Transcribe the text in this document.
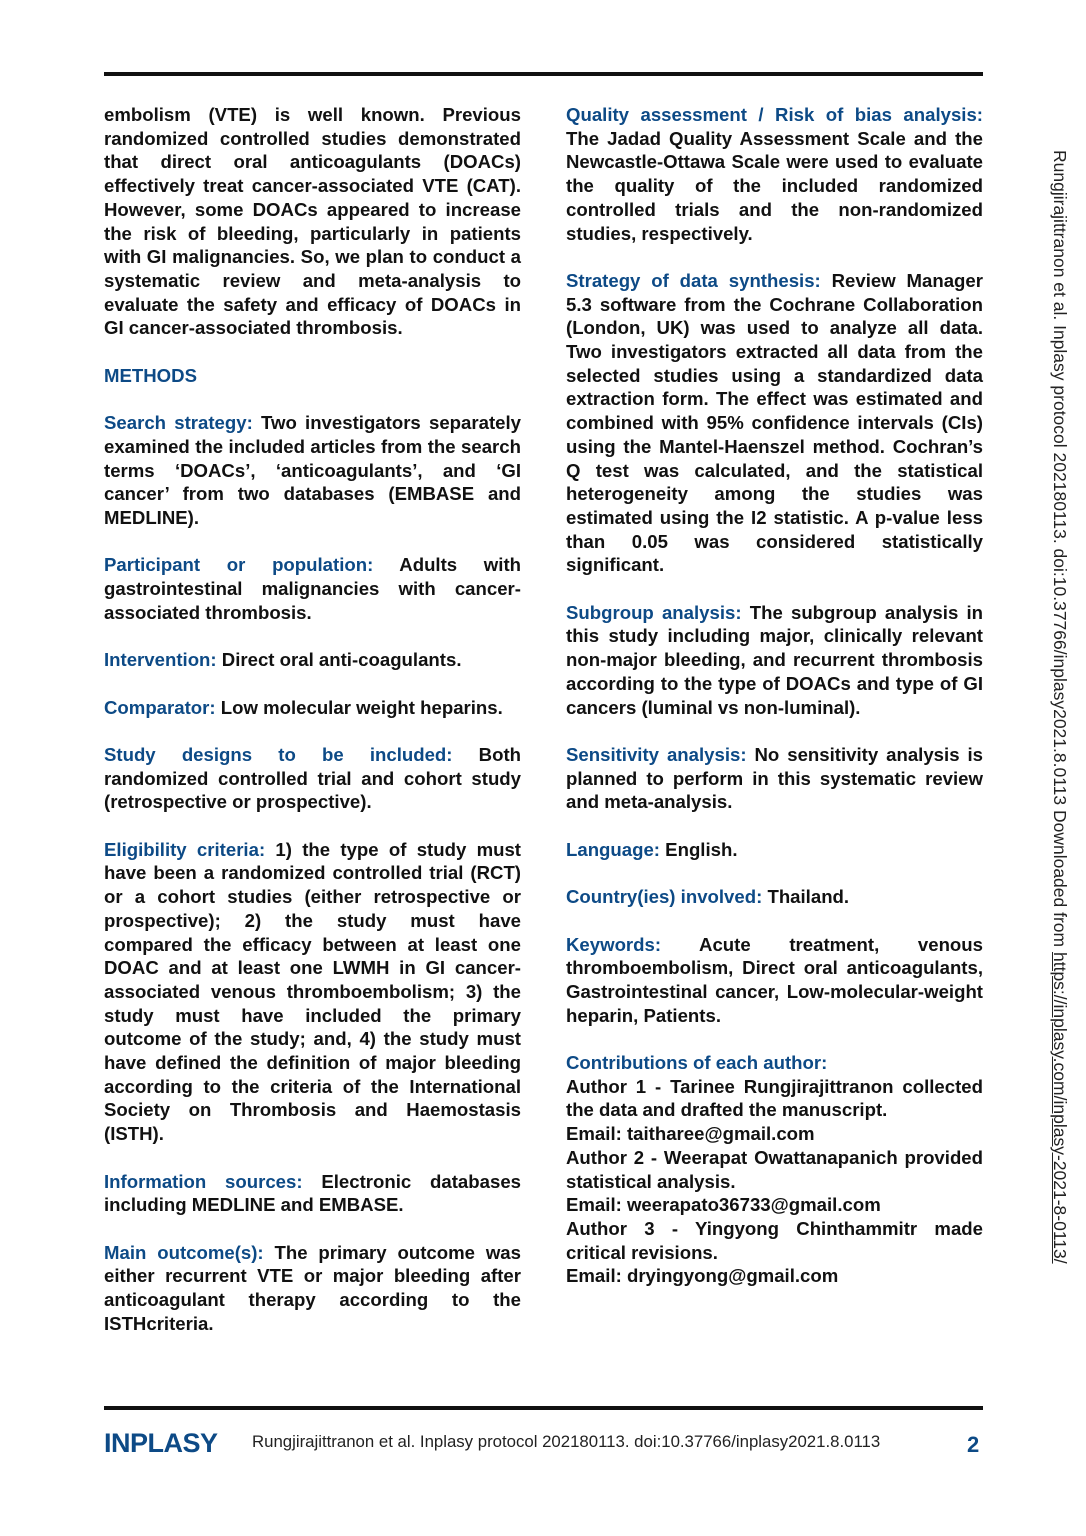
embolism (VTE) is well known. Previous randomized controlled studies demonstrated that direct oral anticoagulants (DOACs) effectively treat cancer-associated VTE (CAT). However, some DOACs appeared to increase the risk of bleeding, particularly in patients with GI malignancies. So, we plan to conduct a systematic review and meta-analysis to evaluate the safety and efficacy of DOACs in GI cancer-associated thrombosis.

METHODS

Search strategy: Two investigators separately examined the included articles from the search terms ‘DOACs’, ‘anticoagulants’, and ‘GI cancer’ from two databases (EMBASE and MEDLINE).

Participant or population: Adults with gastrointestinal malignancies with cancer-associated thrombosis.

Intervention: Direct oral anti-coagulants.

Comparator: Low molecular weight heparins.

Study designs to be included: Both randomized controlled trial and cohort study (retrospective or prospective).

Eligibility criteria: 1) the type of study must have been a randomized controlled trial (RCT) or a cohort studies (either retrospective or prospective); 2) the study must have compared the efficacy between at least one DOAC and at least one LWMH in GI cancer-associated venous thromboembolism; 3) the study must have included the primary outcome of the study; and, 4) the study must have defined the definition of major bleeding according to the criteria of the International Society on Thrombosis and Haemostasis (ISTH).

Information sources: Electronic databases including MEDLINE and EMBASE.

Main outcome(s): The primary outcome was either recurrent VTE or major bleeding after anticoagulant therapy according to the ISTHcriteria.

Quality assessment / Risk of bias analysis: The Jadad Quality Assessment Scale and the Newcastle-Ottawa Scale were used to evaluate the quality of the included randomized controlled trials and the non-randomized studies, respectively.

Strategy of data synthesis: Review Manager 5.3 software from the Cochrane Collaboration (London, UK) was used to analyze all data. Two investigators extracted all data from the selected studies using a standardized data extraction form. The effect was estimated and combined with 95% confidence intervals (CIs) using the Mantel-Haenszel method. Cochran’s Q test was calculated, and the statistical heterogeneity among the studies was estimated using the I2 statistic. A p-value less than 0.05 was considered statistically significant.

Subgroup analysis: The subgroup analysis in this study including major, clinically relevant non-major bleeding, and recurrent thrombosis according to the type of DOACs and type of GI cancers (luminal vs non-luminal).

Sensitivity analysis: No sensitivity analysis is planned to perform in this systematic review and meta-analysis.

Language: English.

Country(ies) involved: Thailand.

Keywords: Acute treatment, venous thromboembolism, Direct oral anticoagulants, Gastrointestinal cancer, Low-molecular-weight heparin, Patients.

Contributions of each author:
Author 1 - Tarinee Rungjirajittranon collected the data and drafted the manuscript.
Email: taitharee@gmail.com
Author 2 - Weerapat Owattanapanich provided statistical analysis.
Email: weerapato36733@gmail.com
Author 3 - Yingyong Chinthammitr made critical revisions.
Email: dryingyong@gmail.com
Rungjirajittranon et al. Inplasy protocol 202180113. doi:10.37766/inplasy2021.8.0113 Downloaded from https://inplasy.com/inplasy-2021-8-0113/
INPLASY Rungjirajittranon et al. Inplasy protocol 202180113. doi:10.37766/inplasy2021.8.0113	2
